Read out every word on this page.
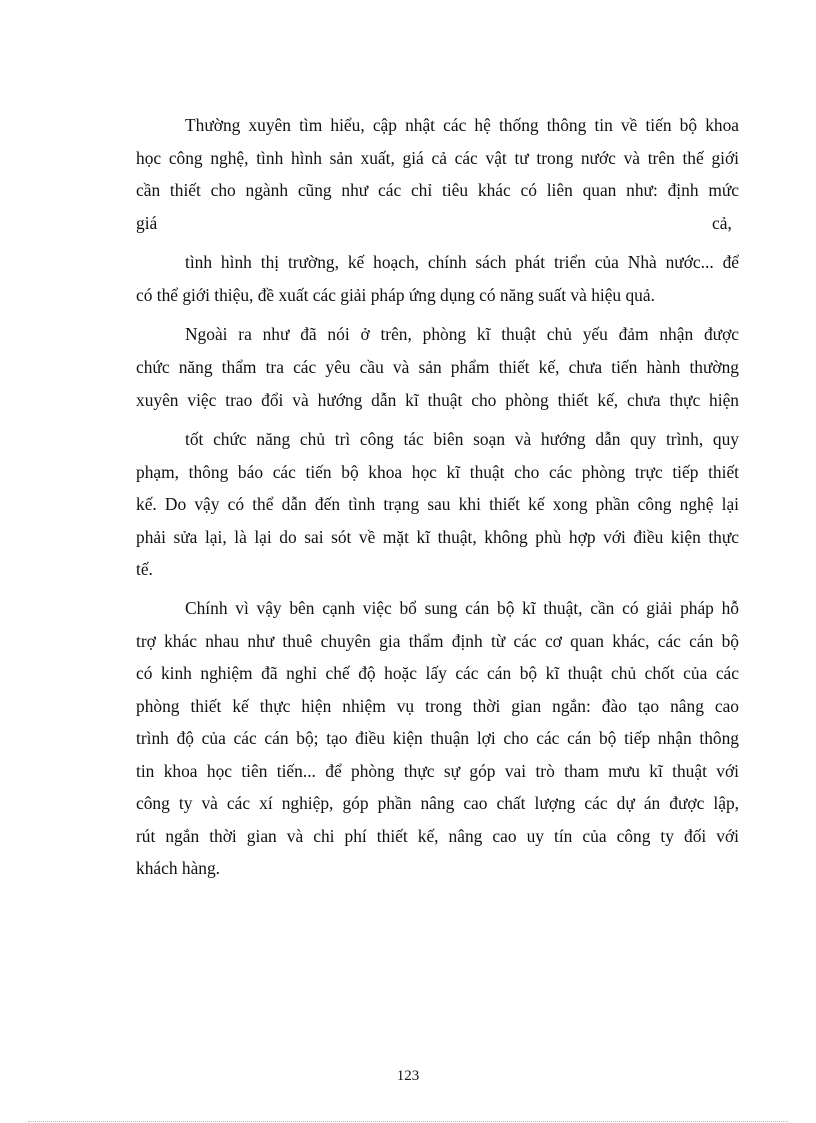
Thường xuyên tìm hiểu, cập nhật các hệ thống thông tin về tiến bộ khoa
học công nghệ, tình hình sản xuất, giá cả các vật tư trong nước và trên thế giới
cần thiết cho ngành cũng như các chỉ tiêu khác có liên quan như: định mức
giá	cả,
tình hình thị trường, kế hoạch, chính sách phát triển của Nhà nước... để
có thể giới thiệu, đề xuất các giải pháp ứng dụng có năng suất và hiệu quả.
Ngoài ra như đã nói ở trên, phòng kĩ thuật chủ yếu đảm nhận được
chức năng thẩm tra các yêu cầu và sản phẩm thiết kế, chưa tiến hành thường
xuyên việc trao đổi và hướng dẫn kĩ thuật cho phòng thiết kế, chưa thực hiện
tốt chức năng chủ trì công tác biên soạn và hướng dẫn quy trình, quy
phạm, thông báo các tiến bộ khoa học kĩ thuật cho các phòng trực tiếp thiết
kế. Do vậy có thể dẫn đến tình trạng sau khi thiết kế xong phần công nghệ lại
phải sửa lại, là lại do sai sót về mặt kĩ thuật, không phù hợp với điều kiện thực
tế.
Chính vì vậy bên cạnh việc bổ sung cán bộ kĩ thuật, cần có giải pháp hỗ
trợ khác nhau như thuê chuyên gia thẩm định từ các cơ quan khác, các cán bộ
có kinh nghiệm đã nghỉ chế độ hoặc lấy các cán bộ kĩ thuật chủ chốt của các
phòng thiết kế thực hiện nhiệm vụ trong thời gian ngắn: đào tạo nâng cao
trình độ của các cán bộ; tạo điều kiện thuận lợi cho các cán bộ tiếp nhận thông
tin khoa học tiên tiến... để phòng thực sự góp vai trò tham mưu kĩ thuật với
công ty và các xí nghiệp, góp phần nâng cao chất lượng các dự án được lập,
rút ngắn thời gian và chi phí thiết kế, nâng cao uy tín của công ty đối với
khách hàng.
123
